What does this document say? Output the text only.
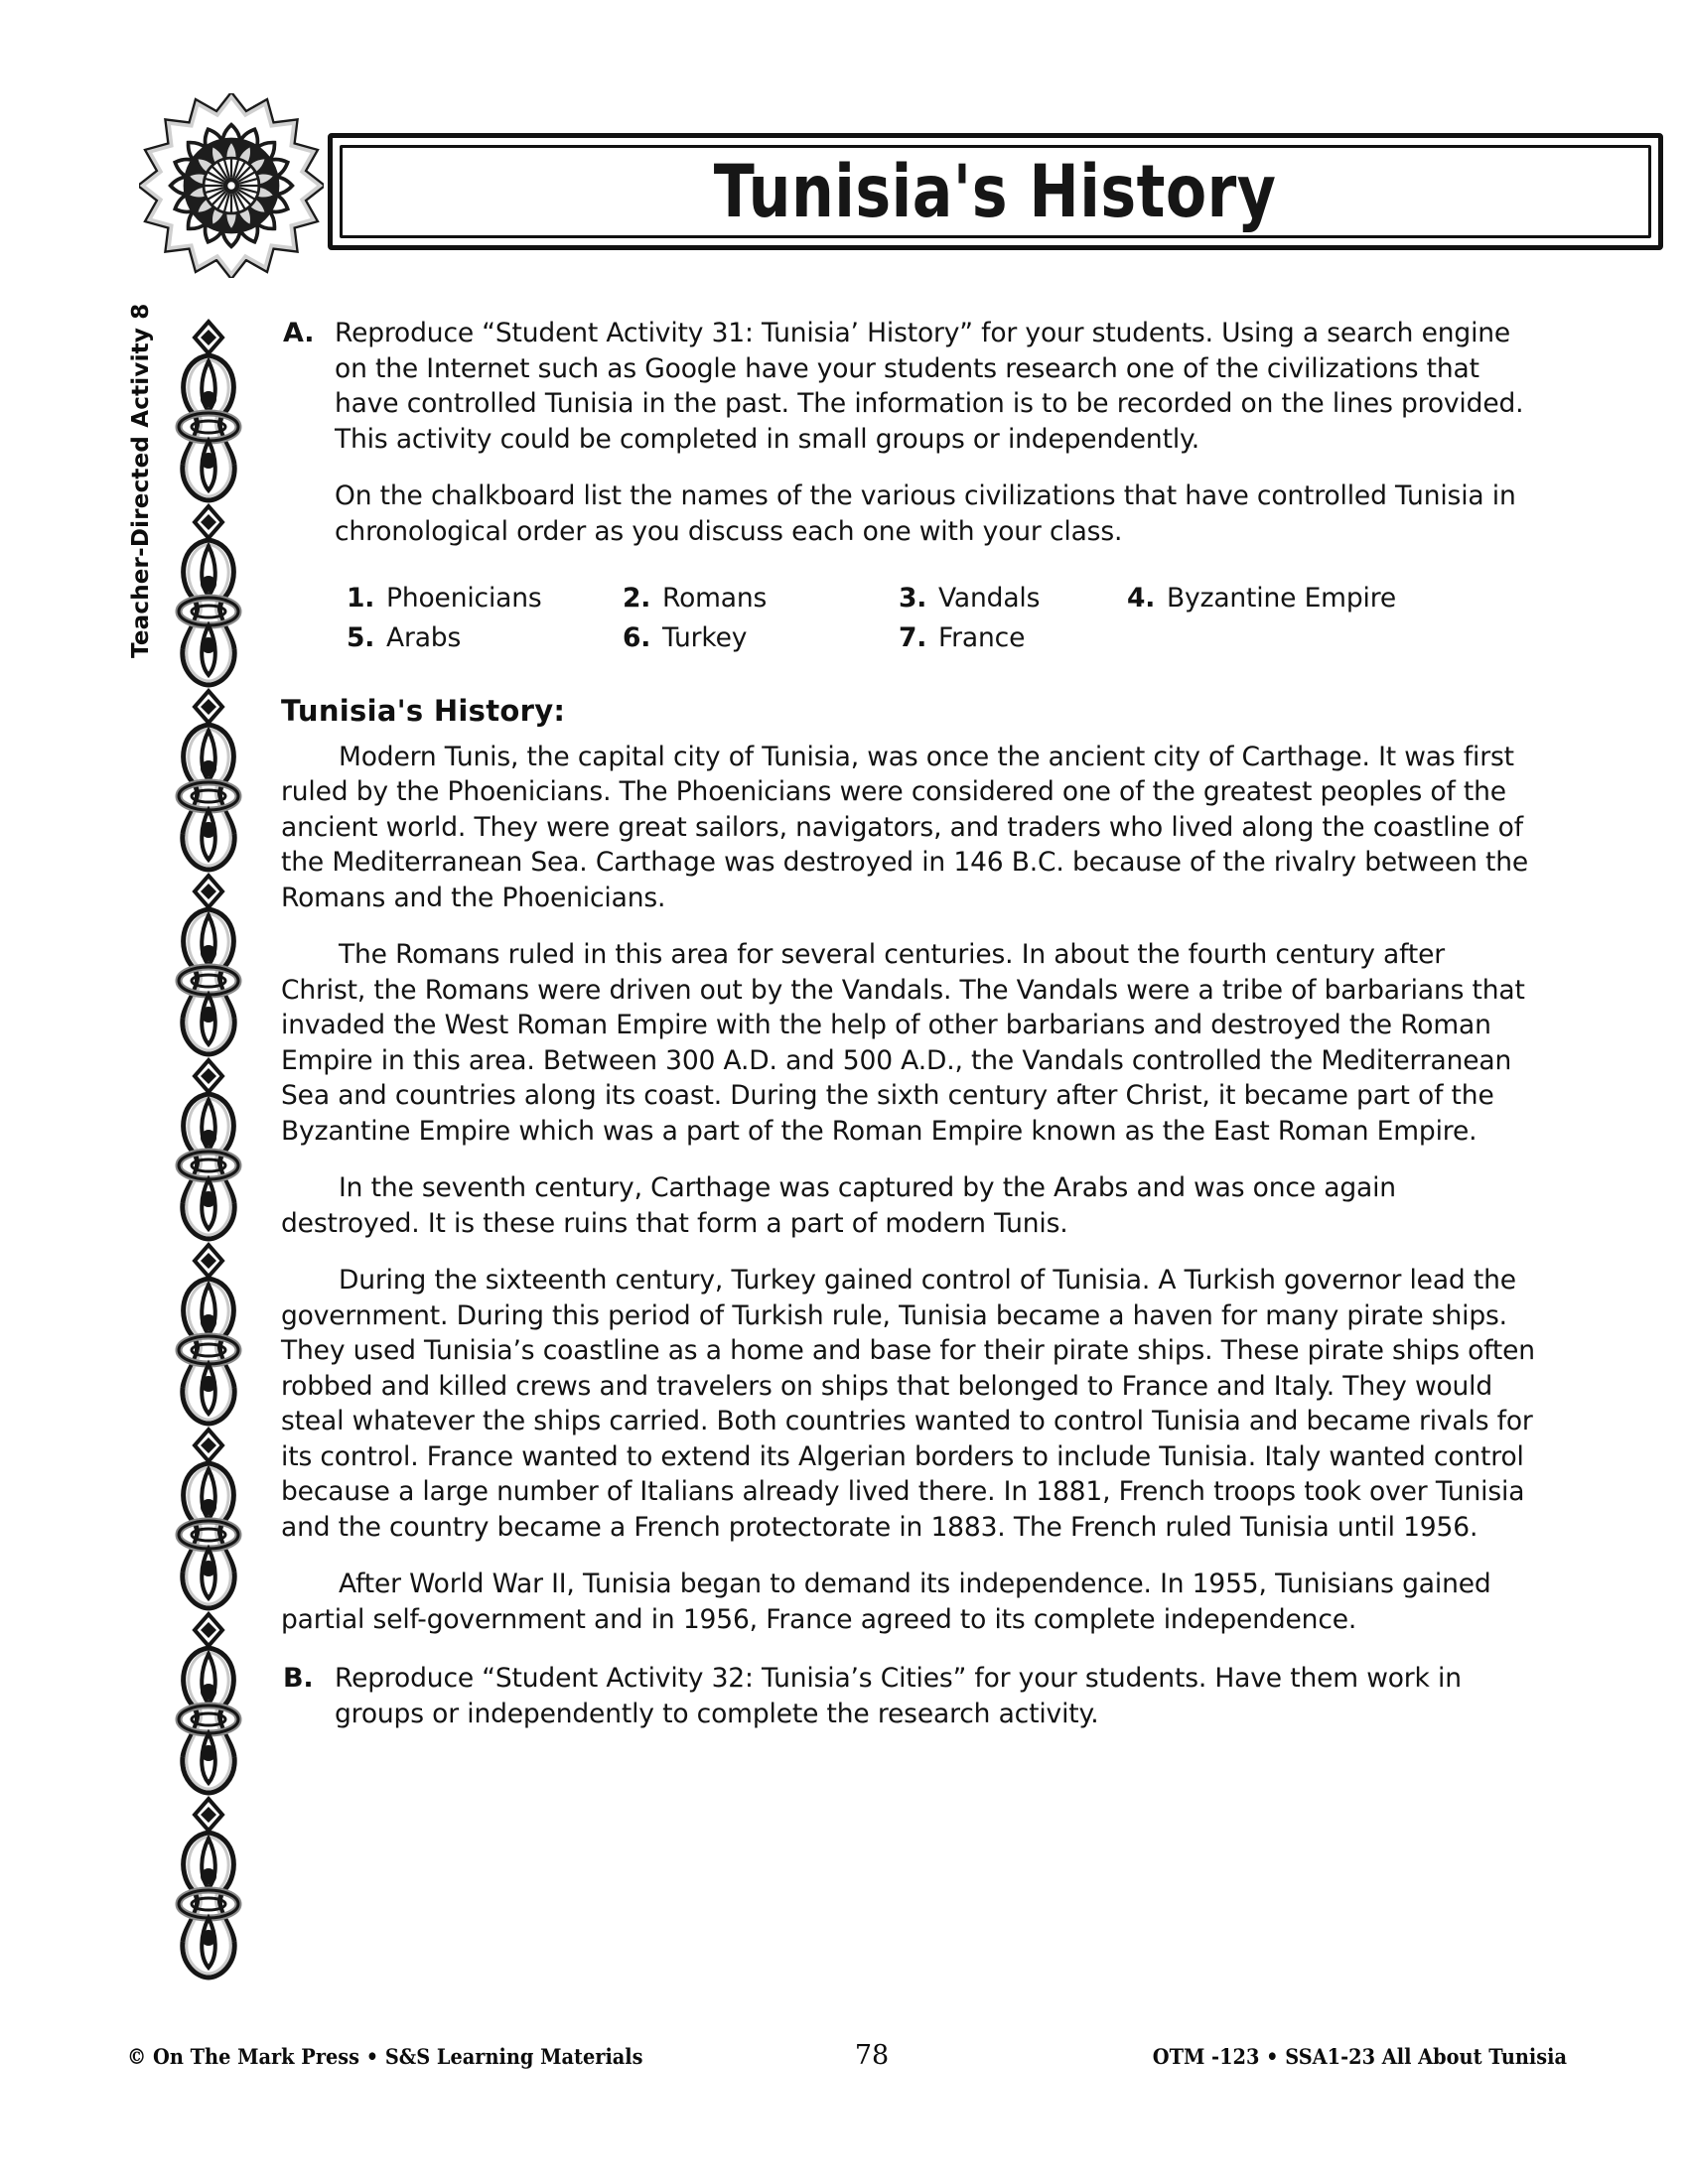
Tunisia's History
Teacher-Directed Activity 8	A. Reproduce “Student Activity 31: Tunisia’ History” for your students. Using a search engine on the Internet such as Google have your students research one of the civilizations that have controlled Tunisia in the past. The information is to be recorded on the lines provided. This activity could be completed in small groups or independently.

On the chalkboard list the names of the various civilizations that have controlled Tunisia in chronological order as you discuss each one with your class.

1. Phoenicians	2. Romans	3. Vandals	4. Byzantine Empire
5. Arabs	6. Turkey	7. France
Tunisia's History:

Modern Tunis, the capital city of Tunisia, was once the ancient city of Carthage. It was first ruled by the Phoenicians. The Phoenicians were considered one of the greatest peoples of the ancient world. They were great sailors, navigators, and traders who lived along the coastline of the Mediterranean Sea. Carthage was destroyed in 146 B.C. because of the rivalry between the Romans and the Phoenicians.

The Romans ruled in this area for several centuries. In about the fourth century after Christ, the Romans were driven out by the Vandals. The Vandals were a tribe of barbarians that invaded the West Roman Empire with the help of other barbarians and destroyed the Roman Empire in this area. Between 300 A.D. and 500 A.D., the Vandals controlled the Mediterranean Sea and countries along its coast. During the sixth century after Christ, it became part of the Byzantine Empire which was a part of the Roman Empire known as the East Roman Empire.

In the seventh century, Carthage was captured by the Arabs and was once again destroyed. It is these ruins that form a part of modern Tunis.

During the sixteenth century, Turkey gained control of Tunisia. A Turkish governor lead the government. During this period of Turkish rule, Tunisia became a haven for many pirate ships. They used Tunisia’s coastline as a home and base for their pirate ships. These pirate ships often robbed and killed crews and travelers on ships that belonged to France and Italy. They would steal whatever the ships carried. Both countries wanted to control Tunisia and became rivals for its control. France wanted to extend its Algerian borders to include Tunisia. Italy wanted control because a large number of Italians already lived there. In 1881, French troops took over Tunisia and the country became a French protectorate in 1883. The French ruled Tunisia until 1956.

After World War II, Tunisia began to demand its independence. In 1955, Tunisians gained partial self-government and in 1956, France agreed to its complete independence.

B. Reproduce “Student Activity 32: Tunisia’s Cities” for your students. Have them work in groups or independently to complete the research activity.

© On The Mark Press • S&S Learning Materials	78	OTM -123 • SSA1-23 All About Tunisia
